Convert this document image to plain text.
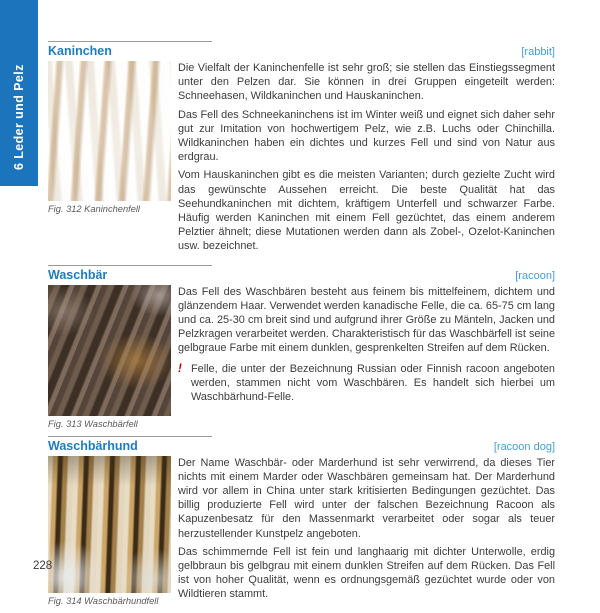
6 Leder und Pelz
Kaninchen	[rabbit]
Fig. 312 Kaninchenfell

Die Vielfalt der Kaninchenfelle ist sehr groß; sie stellen das Einstiegssegment unter den Pelzen dar. Sie können in drei Gruppen eingeteilt werden: Schneehasen, Wildkaninchen und Hauskaninchen.

Das Fell des Schneekaninchens ist im Winter weiß und eignet sich daher sehr gut zur Imitation von hochwertigem Pelz, wie z.B. Luchs oder Chinchilla. Wildkaninchen haben ein dichtes und kurzes Fell und sind von Natur aus erdgrau.

Vom Hauskaninchen gibt es die meisten Varianten; durch gezielte Zucht wird das gewünschte Aussehen erreicht. Die beste Qualität hat das Seehundkaninchen mit dichtem, kräftigem Unterfell und schwarzer Farbe. Häufig werden Kaninchen mit einem Fell gezüchtet, das einem anderem Pelztier ähnelt; diese Mutationen werden dann als Zobel-, Ozelot-Kaninchen usw. bezeichnet.

Waschbär	[racoon]
Fig. 313 Waschbärfell

Das Fell des Waschbären besteht aus feinem bis mittelfeinem, dichtem und glänzendem Haar. Verwendet werden kanadische Felle, die ca. 65-75 cm lang und ca. 25-30 cm breit sind und aufgrund ihrer Größe zu Mänteln, Jacken und Pelzkragen verarbeitet werden. Charakteristisch für das Waschbärfell ist seine gelbgraue Farbe mit einem dunklen, gesprenkelten Streifen auf dem Rücken.

! Felle, die unter der Bezeichnung Russian oder Finnish racoon angeboten werden, stammen nicht vom Waschbären. Es handelt sich hierbei um Waschbärhund-Felle.
Waschbärhund	[racoon dog]
Fig. 314 Waschbärhundfell

Der Name Waschbär- oder Marderhund ist sehr verwirrend, da dieses Tier nichts mit einem Marder oder Waschbären gemeinsam hat. Der Marderhund wird vor allem in China unter stark kritisierten Bedingungen gezüchtet. Das billig produzierte Fell wird unter der falschen Bezeichnung Racoon als Kapuzenbesatz für den Massenmarkt verarbeitet oder sogar als teuer herzustellender Kunstpelz angeboten.

Das schimmernde Fell ist fein und langhaarig mit dichter Unterwolle, erdig gelbbraun bis gelbgrau mit einem dunklen Streifen auf dem Rücken. Das Fell ist von hoher Qualität, wenn es ordnungsgemäß gezüchtet wurde oder von Wildtieren stammt.

228
